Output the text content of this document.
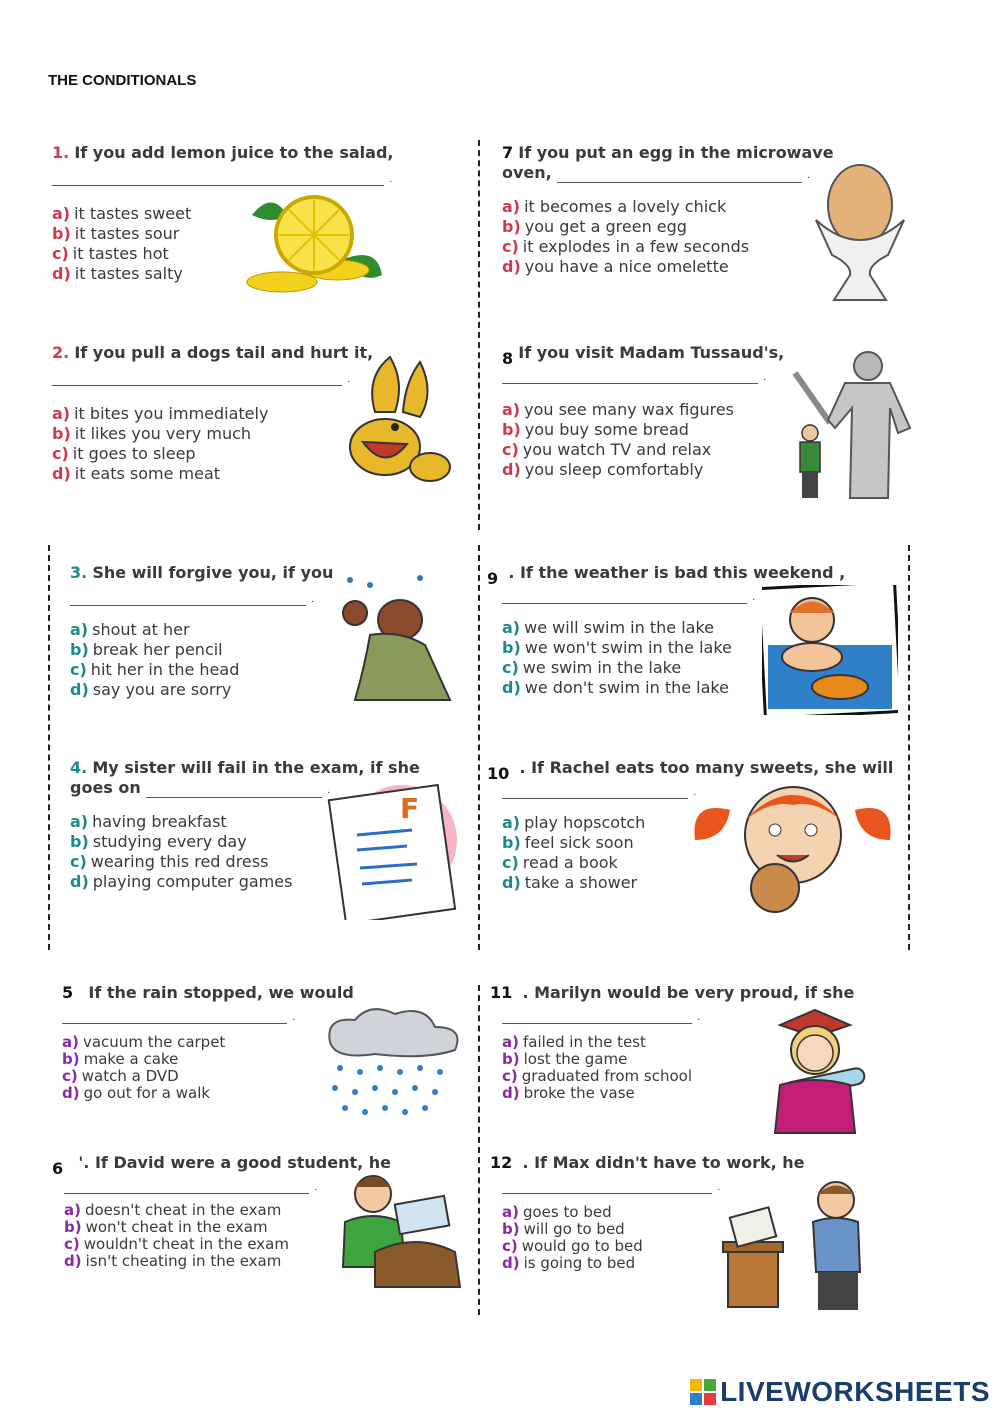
THE CONDITIONALS
1. If you add lemon juice to the salad,
.
a) it tastes sweet
b) it tastes sour
c) it tastes hot
d) it tastes salty
2. If you pull a dogs tail and hurt it,
.
a) it bites you immediately
b) it likes you very much
c) it goes to sleep
d) it eats some meat
3. She will forgive you, if you
.
a) shout at her
b) break her pencil
c) hit her in the head
d) say you are sorry
4. My sister will fail in the exam, if she
goes on	.
a) having breakfast
b) studying every day
c) wearing this red dress
d) playing computer games
F
5 If the rain stopped, we would
.
a) vacuum the carpet
b) make a cake
c) watch a DVD
d) go out for a walk
6 '. If David were a good student, he
.
a) doesn't cheat in the exam
b) won't cheat in the exam
c) wouldn't cheat in the exam
d) isn't cheating in the exam
7 If you put an egg in the microwave
oven,	.
a) it becomes a lovely chick
b) you get a green egg
c) it explodes in a few seconds
d) you have a nice omelette
8 If you visit Madam Tussaud's,
.
a) you see many wax figures
b) you buy some bread
c) you watch TV and relax
d) you sleep comfortably
9 . If the weather is bad this weekend ,
.
a) we will swim in the lake
b) we won't swim in the lake
c) we swim in the lake
d) we don't swim in the lake
10 . If Rachel eats too many sweets, she will
.
a) play hopscotch
b) feel sick soon
c) read a book
d) take a shower
11 . Marilyn would be very proud, if she
.
a) failed in the test
b) lost the game
c) graduated from school
d) broke the vase
12 . If Max didn't have to work, he
.
a) goes to bed
b) will go to bed
c) would go to bed
d) is going to bed
LIVEWORKSHEETS
